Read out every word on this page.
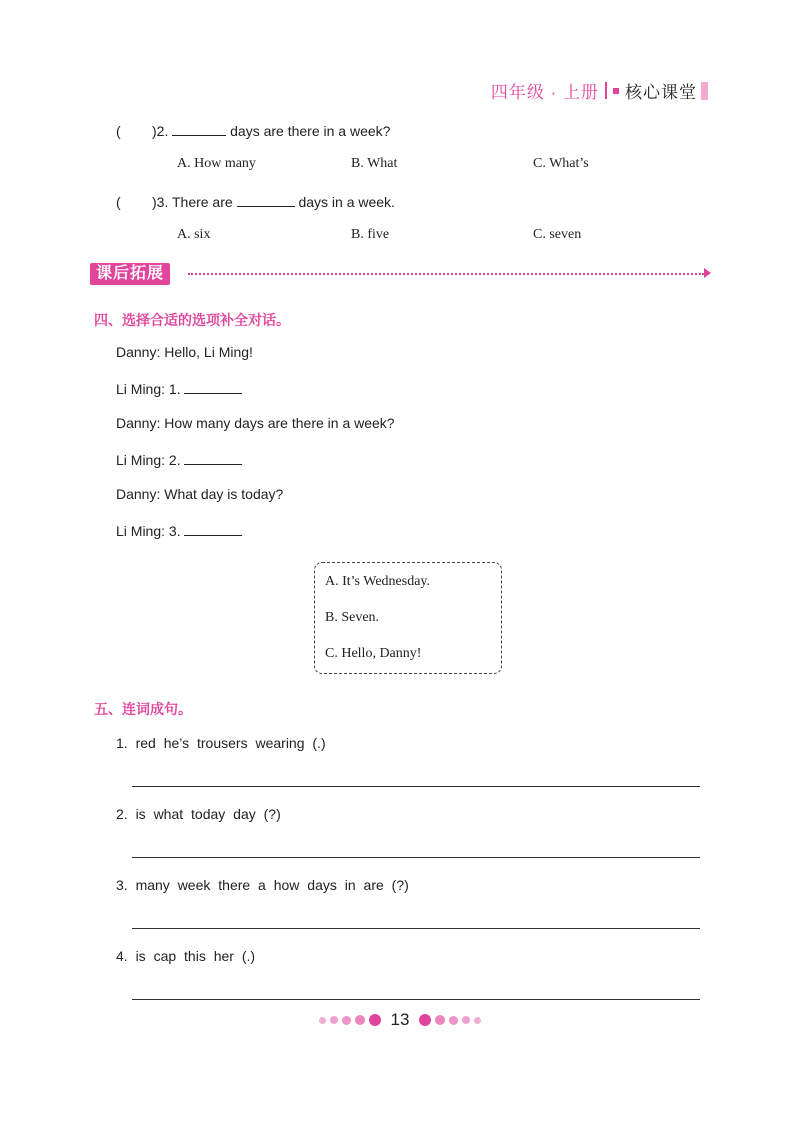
四年级 · 上册 核心课堂
( )2.	days are there in a week?
A. How many	B. What	C. What’s
( )3. There are	days in a week.
A. six	B. five	C. seven
课后拓展
四、选择合适的选项补全对话。
Danny: Hello, Li Ming!
Li Ming: 1.
Danny: How many days are there in a week?
Li Ming: 2.
Danny: What day is today?
Li Ming: 3.
A. It’s Wednesday.
B. Seven.
C. Hello, Danny!
五、连词成句。
1. red he’s trousers wearing (.)
2. is what today day (?)
3. many week there a how days in are (?)
4. is cap this her (.)
13
